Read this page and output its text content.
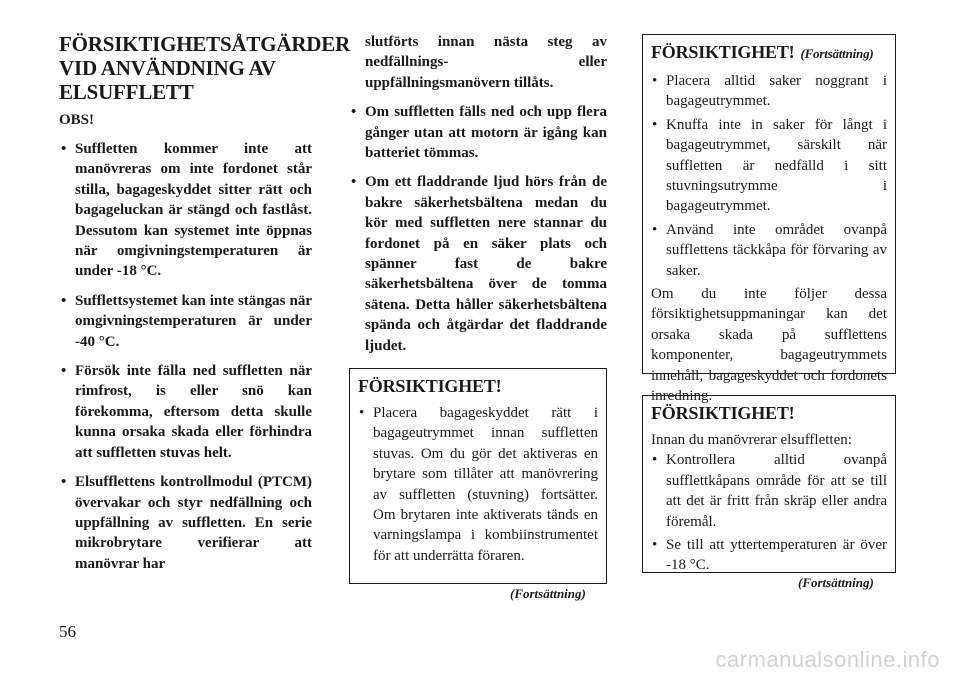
FÖRSIKTIGHETSÅTGÄRDER VID ANVÄNDNING AV ELSUFFLETT
OBS!
• Suffletten kommer inte att manövreras om inte fordonet står stilla, bagageskyddet sitter rätt och bagageluckan är stängd och fastlåst. Dessutom kan systemet inte öppnas när omgivningstemperaturen är under -18 °C.
• Sufflettsystemet kan inte stängas när omgivningstemperaturen är under -40 °C.
• Försök inte fälla ned suffletten när rimfrost, is eller snö kan förekomma, eftersom detta skulle kunna orsaka skada eller förhindra att suffletten stuvas helt.
• Elsufflettens kontrollmodul (PTCM) övervakar och styr nedfällning och uppfällning av suffletten. En serie mikrobrytare verifierar att manövrar har

slutförts innan nästa steg av nedfällnings- eller uppfällningsmanövern tillåts.

• Om suffletten fälls ned och upp flera gånger utan att motorn är igång kan batteriet tömmas.
• Om ett fladdrande ljud hörs från de bakre säkerhetsbältena medan du kör med suffletten nere stannar du fordonet på en säker plats och spänner fast de bakre säkerhetsbältena över de tomma sätena. Detta håller säkerhetsbältena spända och åtgärdar det fladdrande ljudet.
FÖRSIKTIGHET!
• Placera bagageskyddet rätt i bagageutrymmet innan suffletten stuvas. Om du gör det aktiveras en brytare som tillåter att manövrering av suffletten (stuvning) fortsätter. Om brytaren inte aktiverats tänds en varningslampa i kombiinstrumentet för att underrätta föraren.
(Fortsättning)
FÖRSIKTIGHET! (Fortsättning)
• Placera alltid saker noggrant i bagageutrymmet.
• Knuffa inte in saker för långt i bagageutrymmet, särskilt när suffletten är nedfälld i sitt stuvningsutrymme i bagageutrymmet.
• Använd inte området ovanpå sufflettens täckkåpa för förvaring av saker.

Om du inte följer dessa försiktighetsuppmaningar kan det orsaka skada på sufflettens komponenter, bagageutrymmets innehåll, bagageskyddet och fordonets inredning.

FÖRSIKTIGHET!

Innan du manövrerar elsuffletten:

• Kontrollera alltid ovanpå sufflettkåpans område för att se till att det är fritt från skräp eller andra föremål.
• Se till att yttertemperaturen är över -18 °C.
(Fortsättning)
56
carmanualsonline.info
